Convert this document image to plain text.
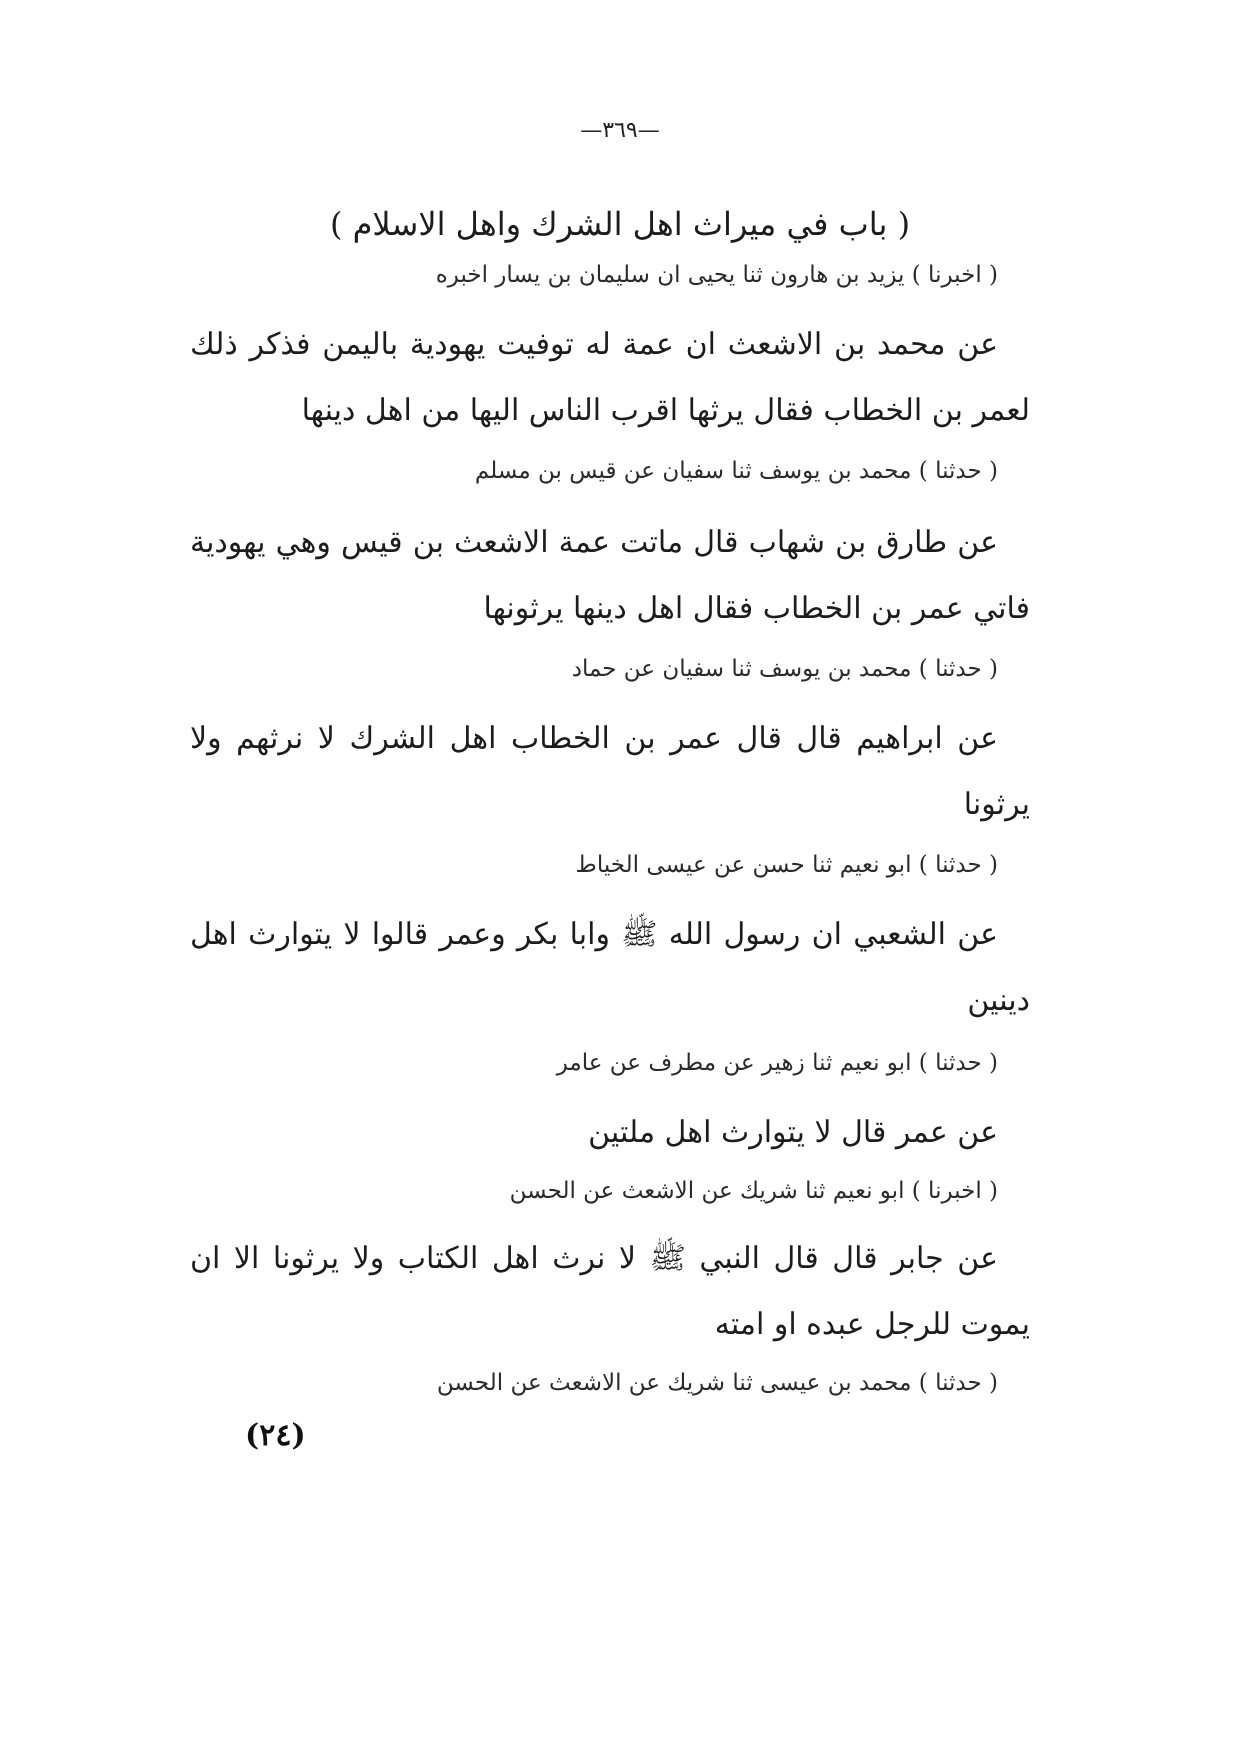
—٣٦٩—
( باب في ميراث اهل الشرك واهل الاسلام )
( اخبرنا ) يزيد بن هارون ثنا يحيى ان سليمان بن يسار اخبره
عن محمد بن الاشعث ان عمة له توفيت يهودية باليمن فذكر ذلك لعمر بن الخطاب فقال يرثها اقرب الناس اليها من اهل دينها
( حدثنا ) محمد بن يوسف ثنا سفيان عن قيس بن مسلم
عن طارق بن شهاب قال ماتت عمة الاشعث بن قيس وهي يهودية فاتي عمر بن الخطاب فقال اهل دينها يرثونها
( حدثنا ) محمد بن يوسف ثنا سفيان عن حماد
عن ابراهيم قال قال عمر بن الخطاب اهل الشرك لا نرثهم ولا يرثونا
( حدثنا ) ابو نعيم ثنا حسن عن عيسى الخياط
عن الشعبي ان رسول الله ﷺ وابا بكر وعمر قالوا لا يتوارث اهل دينين
( حدثنا ) ابو نعيم ثنا زهير عن مطرف عن عامر
عن عمر قال لا يتوارث اهل ملتين
( اخبرنا ) ابو نعيم ثنا شريك عن الاشعث عن الحسن
عن جابر قال قال النبي ﷺ لا نرث اهل الكتاب ولا يرثونا الا ان يموت للرجل عبده او امته
( حدثنا ) محمد بن عيسى ثنا شريك عن الاشعث عن الحسن
(٢٤)
